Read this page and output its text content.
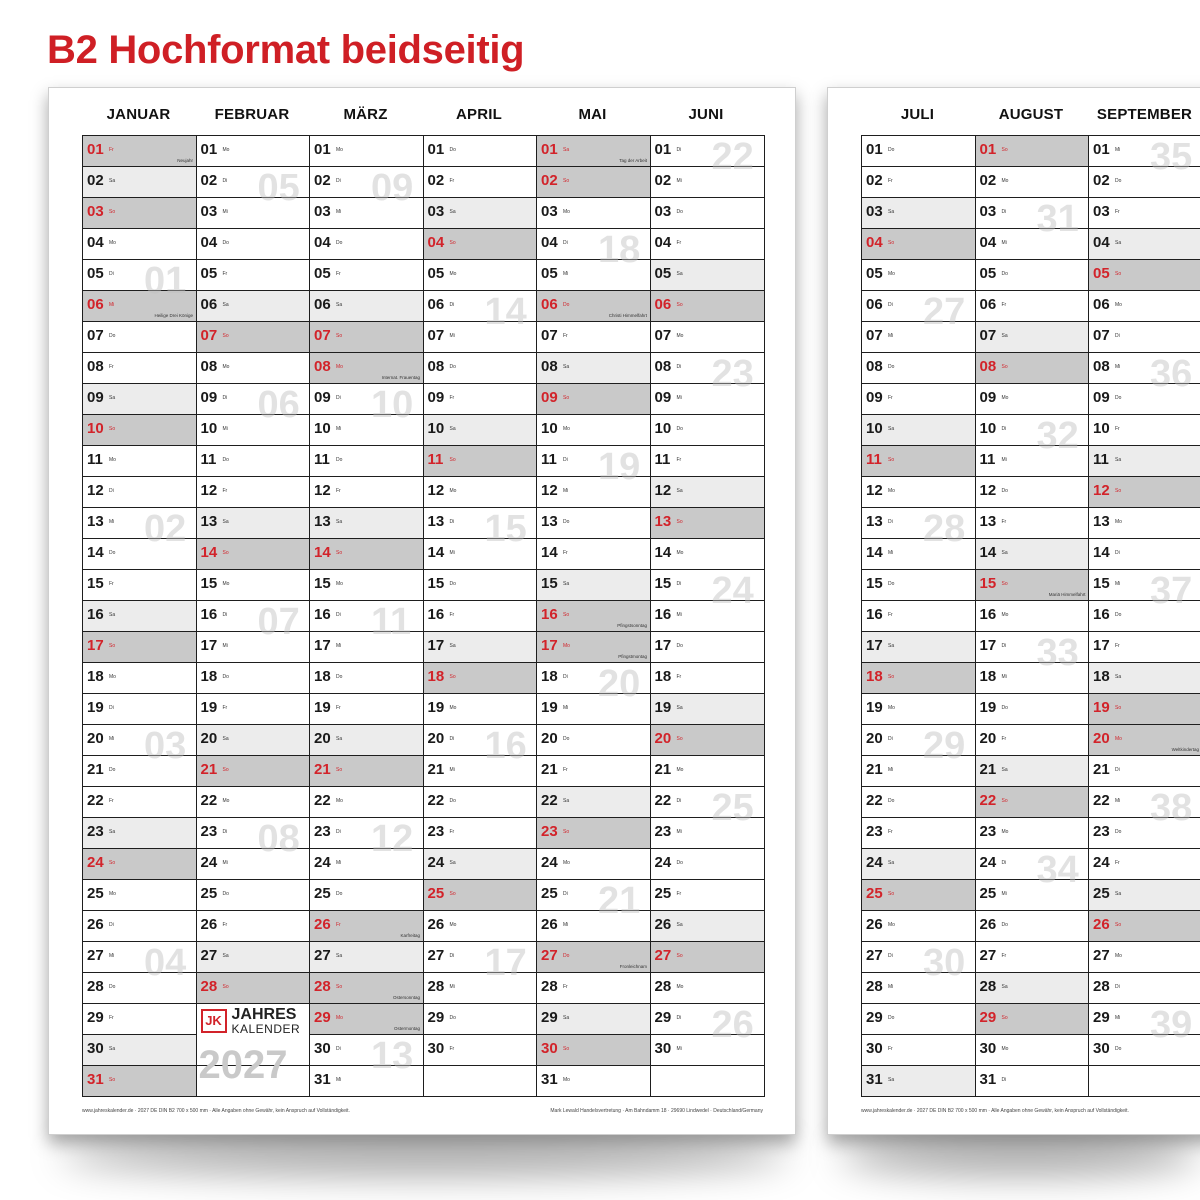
B2 Hochformat beidseitig
JANUAR
01 Fr
Neujahr
02 Sa
03 So
04 Mo
05 Di
06 Mi
Heilige Drei Könige
07 Do
08 Fr
09 Sa
10 So
11 Mo
12 Di
13 Mi
14 Do
15 Fr
16 Sa
17 So
18 Mo
19 Di
20 Mi
21 Do
22 Fr
23 Sa
24 So
25 Mo
26 Di
27 Mi
28 Do
29 Fr
30 Sa
31 So
01
02
03
04
FEBRUAR
01 Mo
02 Di
03 Mi
04 Do
05 Fr
06 Sa
07 So
08 Mo
09 Di
10 Mi
11 Do
12 Fr
13 Sa
14 So
15 Mo
16 Di
17 Mi
18 Do
19 Fr
20 Sa
21 So
22 Mo
23 Di
24 Mi
25 Do
26 Fr
27 Sa
28 So
05
06
07
08
MÄRZ
01 Mo
02 Di
03 Mi
04 Do
05 Fr
06 Sa
07 So
08 Mo
Internat. Frauentag
09 Di
10 Mi
11 Do
12 Fr
13 Sa
14 So
15 Mo
16 Di
17 Mi
18 Do
19 Fr
20 Sa
21 So
22 Mo
23 Di
24 Mi
25 Do
26 Fr
Karfreitag
27 Sa
28 So
Ostersonntag
29 Mo
Ostermontag
30 Di
31 Mi
09
10
11
12
13
APRIL
01 Do
02 Fr
03 Sa
04 So
05 Mo
06 Di
07 Mi
08 Do
09 Fr
10 Sa
11 So
12 Mo
13 Di
14 Mi
15 Do
16 Fr
17 Sa
18 So
19 Mo
20 Di
21 Mi
22 Do
23 Fr
24 Sa
25 So
26 Mo
27 Di
28 Mi
29 Do
30 Fr
14
15
16
17
MAI
01 Sa
Tag der Arbeit
02 So
03 Mo
04 Di
05 Mi
06 Do
Christi Himmelfahrt
07 Fr
08 Sa
09 So
10 Mo
11 Di
12 Mi
13 Do
14 Fr
15 Sa
16 So
Pfingstsonntag
17 Mo
Pfingstmontag
18 Di
19 Mi
20 Do
21 Fr
22 Sa
23 So
24 Mo
25 Di
26 Mi
27 Do
Fronleichnam
28 Fr
29 Sa
30 So
31 Mo
18
19
20
21
JUNI
01 Di
02 Mi
03 Do
04 Fr
05 Sa
06 So
07 Mo
08 Di
09 Mi
10 Do
11 Fr
12 Sa
13 So
14 Mo
15 Di
16 Mi
17 Do
18 Fr
19 Sa
20 So
21 Mo
22 Di
23 Mi
24 Do
25 Fr
26 Sa
27 So
28 Mo
29 Di
30 Mi
22
23
24
25
26
JK JAHRES
KALENDER
2027
www.jahreskalender.de · 2027 DE DIN B2 700 x 500 mm · Alle Angaben ohne Gewähr, kein Anspruch auf Vollständigkeit.	Mark Lewald Handelsvertretung · Am Bahndamm 18 · 29690 Lindwedel · Deutschland/Germany
JULI
01 Do
02 Fr
03 Sa
04 So
05 Mo
06 Di
07 Mi
08 Do
09 Fr
10 Sa
11 So
12 Mo
13 Di
14 Mi
15 Do
16 Fr
17 Sa
18 So
19 Mo
20 Di
21 Mi
22 Do
23 Fr
24 Sa
25 So
26 Mo
27 Di
28 Mi
29 Do
30 Fr
31 Sa
27
28
29
30
AUGUST
01 So
02 Mo
03 Di
04 Mi
05 Do
06 Fr
07 Sa
08 So
09 Mo
10 Di
11 Mi
12 Do
13 Fr
14 Sa
15 So
Mariä Himmelfahrt
16 Mo
17 Di
18 Mi
19 Do
20 Fr
21 Sa
22 So
23 Mo
24 Di
25 Mi
26 Do
27 Fr
28 Sa
29 So
30 Mo
31 Di
31
32
33
34
SEPTEMBER
01 Mi
02 Do
03 Fr
04 Sa
05 So
06 Mo
07 Di
08 Mi
09 Do
10 Fr
11 Sa
12 So
13 Mo
14 Di
15 Mi
16 Do
17 Fr
18 Sa
19 So
20 Mo
Weltkindertag
21 Di
22 Mi
23 Do
24 Fr
25 Sa
26 So
27 Mo
28 Di
29 Mi
30 Do
35
36
37
38
39
www.jahreskalender.de · 2027 DE DIN B2 700 x 500 mm · Alle Angaben ohne Gewähr, kein Anspruch auf Vollständigkeit.
